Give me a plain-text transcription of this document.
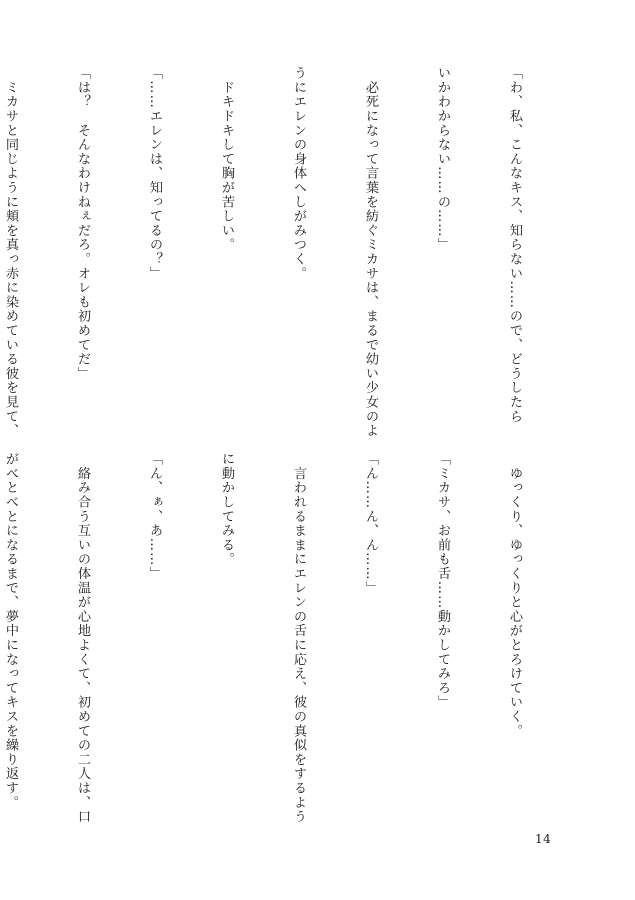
「わ、私、こんなキス、知らない……ので、どうしたら

いかわからない……の……」

　必死になって言葉を紡ぐミカサは、まるで幼い少女のよ

うにエレンの身体へしがみつく。

　ドキドキして胸が苦しい。

「……エレンは、知ってるの？」

「は？　そんなわけねぇだろ。オレも初めてだ」

　ミカサと同じように頬を真っ赤に染めている彼を見て、

　ゆっくり、ゆっくりと心がとろけていく。

「ミカサ、お前も舌……動かしてみろ」

「ん……ん、ん……」

　言われるままにエレンの舌に応え、彼の真似をするよう

に動かしてみる。

「ん、ぁ、あ……」

　絡み合う互いの体温が心地よくて、初めての二人は、口

がべとべとになるまで、夢中になってキスを繰り返す。

14
